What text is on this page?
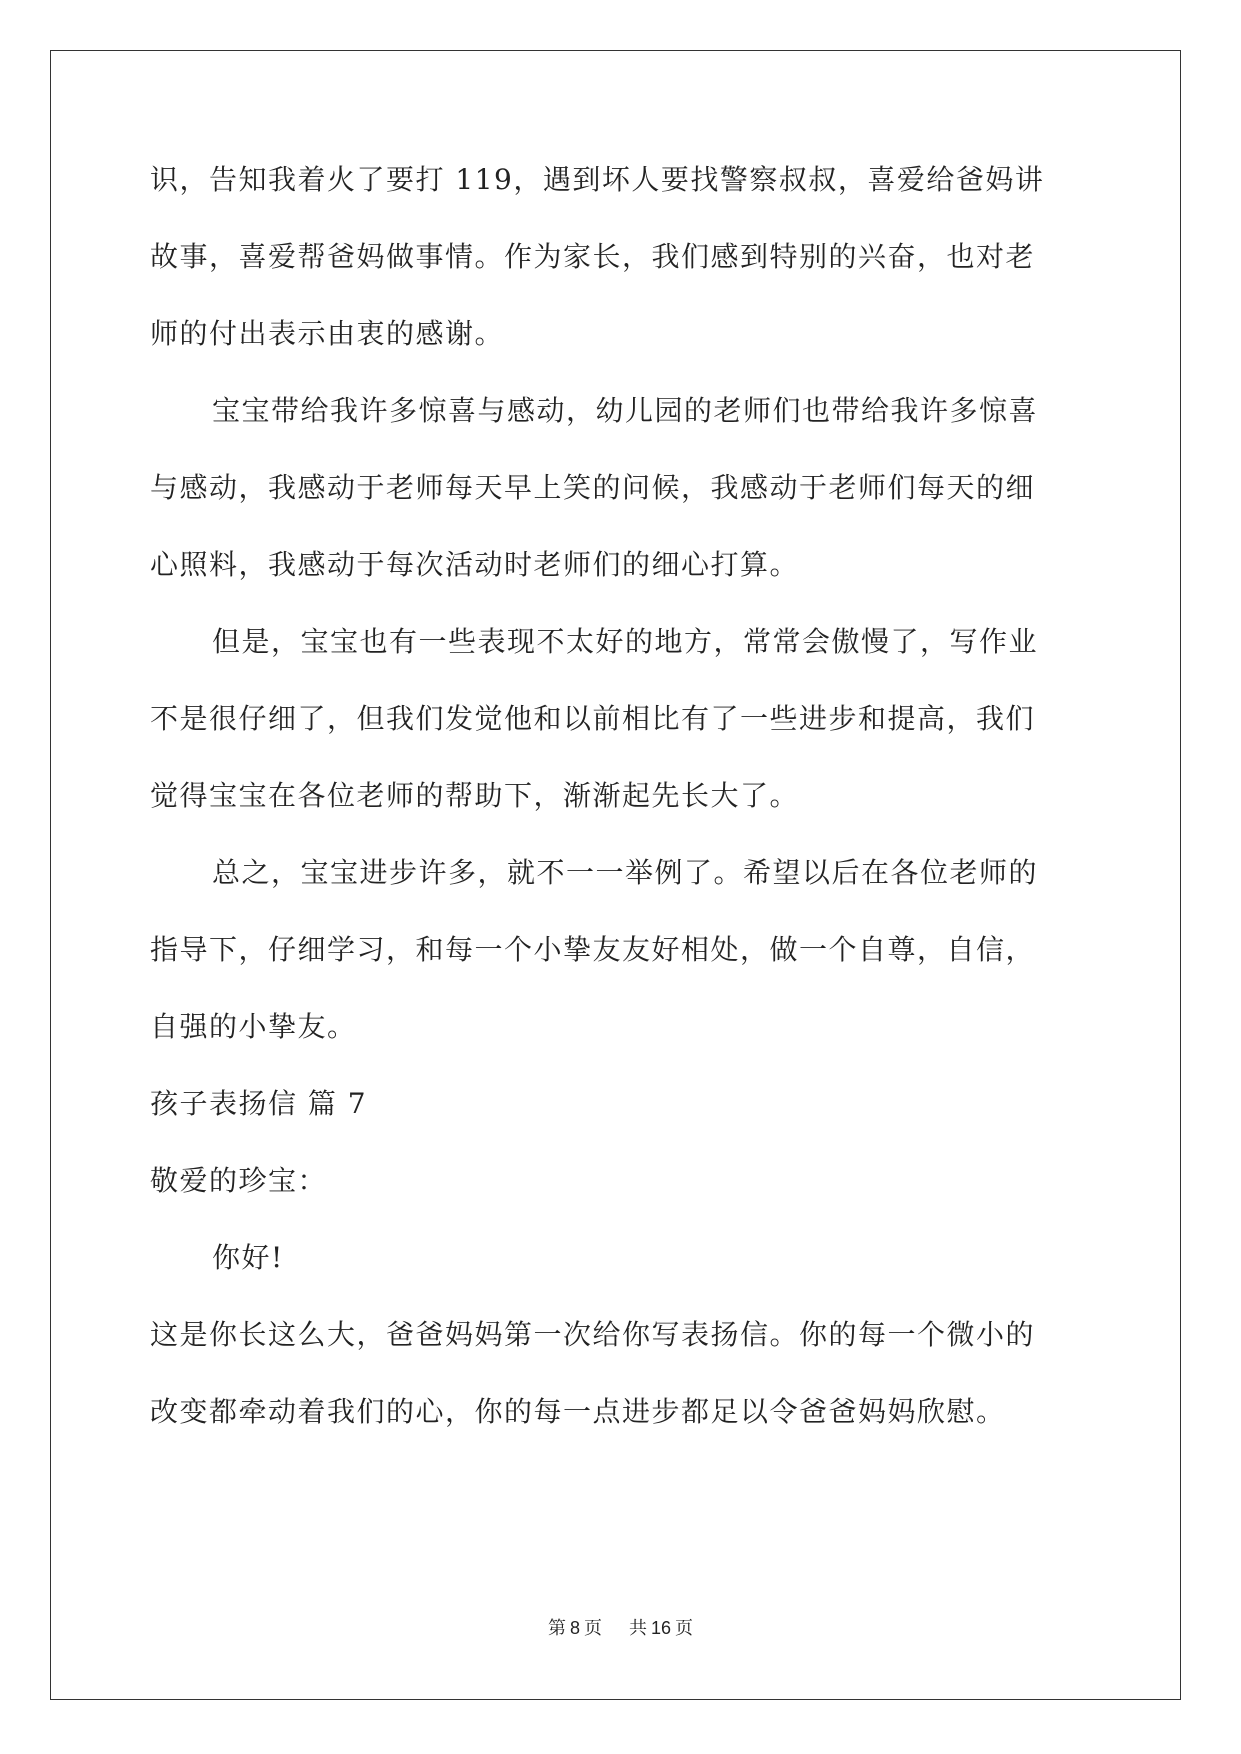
识，告知我着火了要打 119，遇到坏人要找警察叔叔，喜爱给爸妈讲
故事，喜爱帮爸妈做事情。作为家长，我们感到特别的兴奋，也对老
师的付出表示由衷的感谢。
宝宝带给我许多惊喜与感动，幼儿园的老师们也带给我许多惊喜
与感动，我感动于老师每天早上笑的问候，我感动于老师们每天的细
心照料，我感动于每次活动时老师们的细心打算。
但是，宝宝也有一些表现不太好的地方，常常会傲慢了，写作业
不是很仔细了，但我们发觉他和以前相比有了一些进步和提高，我们
觉得宝宝在各位老师的帮助下，渐渐起先长大了。
总之，宝宝进步许多，就不一一举例了。希望以后在各位老师的
指导下，仔细学习，和每一个小挚友友好相处，做一个自尊，自信，
自强的小挚友。
孩子表扬信 篇 7
敬爱的珍宝：
你好!
这是你长这么大，爸爸妈妈第一次给你写表扬信。你的每一个微小的
改变都牵动着我们的心，你的每一点进步都足以令爸爸妈妈欣慰。
第 8 页 共 16 页
